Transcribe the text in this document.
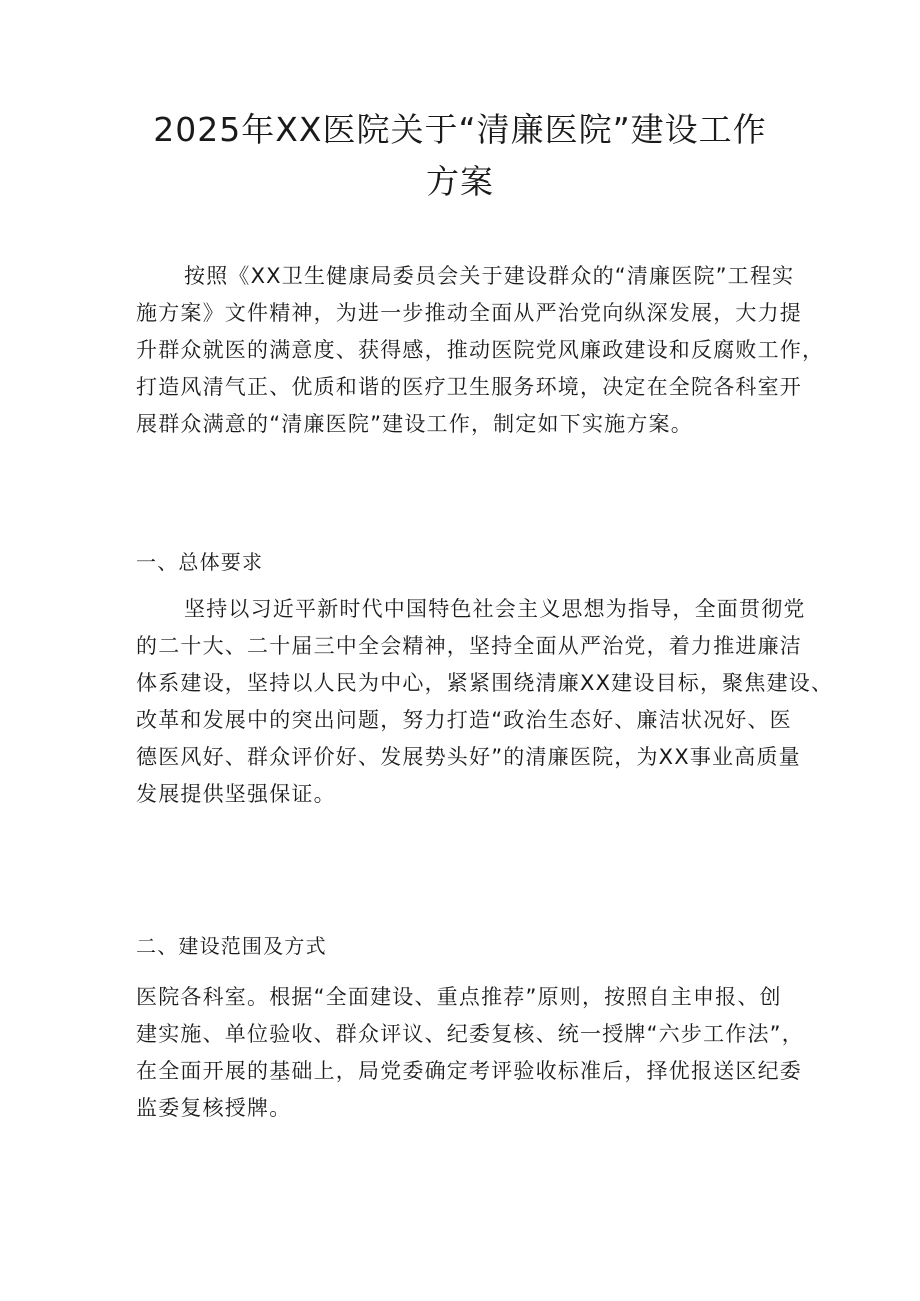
2025年XX医院关于“清廉医院”建设工作
方案
按照《XX卫生健康局委员会关于建设群众的“清廉医院”工程实
施方案》文件精神，为进一步推动全面从严治党向纵深发展，大力提
升群众就医的满意度、获得感，推动医院党风廉政建设和反腐败工作，
打造风清气正、优质和谐的医疗卫生服务环境，决定在全院各科室开
展群众满意的“清廉医院”建设工作，制定如下实施方案。
一、总体要求
坚持以习近平新时代中国特色社会主义思想为指导，全面贯彻党
的二十大、二十届三中全会精神，坚持全面从严治党，着力推进廉洁
体系建设，坚持以人民为中心，紧紧围绕清廉XX建设目标，聚焦建设、
改革和发展中的突出问题，努力打造“政治生态好、廉洁状况好、医
德医风好、群众评价好、发展势头好”的清廉医院，为XX事业高质量
发展提供坚强保证。
二、建设范围及方式
医院各科室。根据“全面建设、重点推荐”原则，按照自主申报、创
建实施、单位验收、群众评议、纪委复核、统一授牌“六步工作法”，
在全面开展的基础上，局党委确定考评验收标准后，择优报送区纪委
监委复核授牌。
